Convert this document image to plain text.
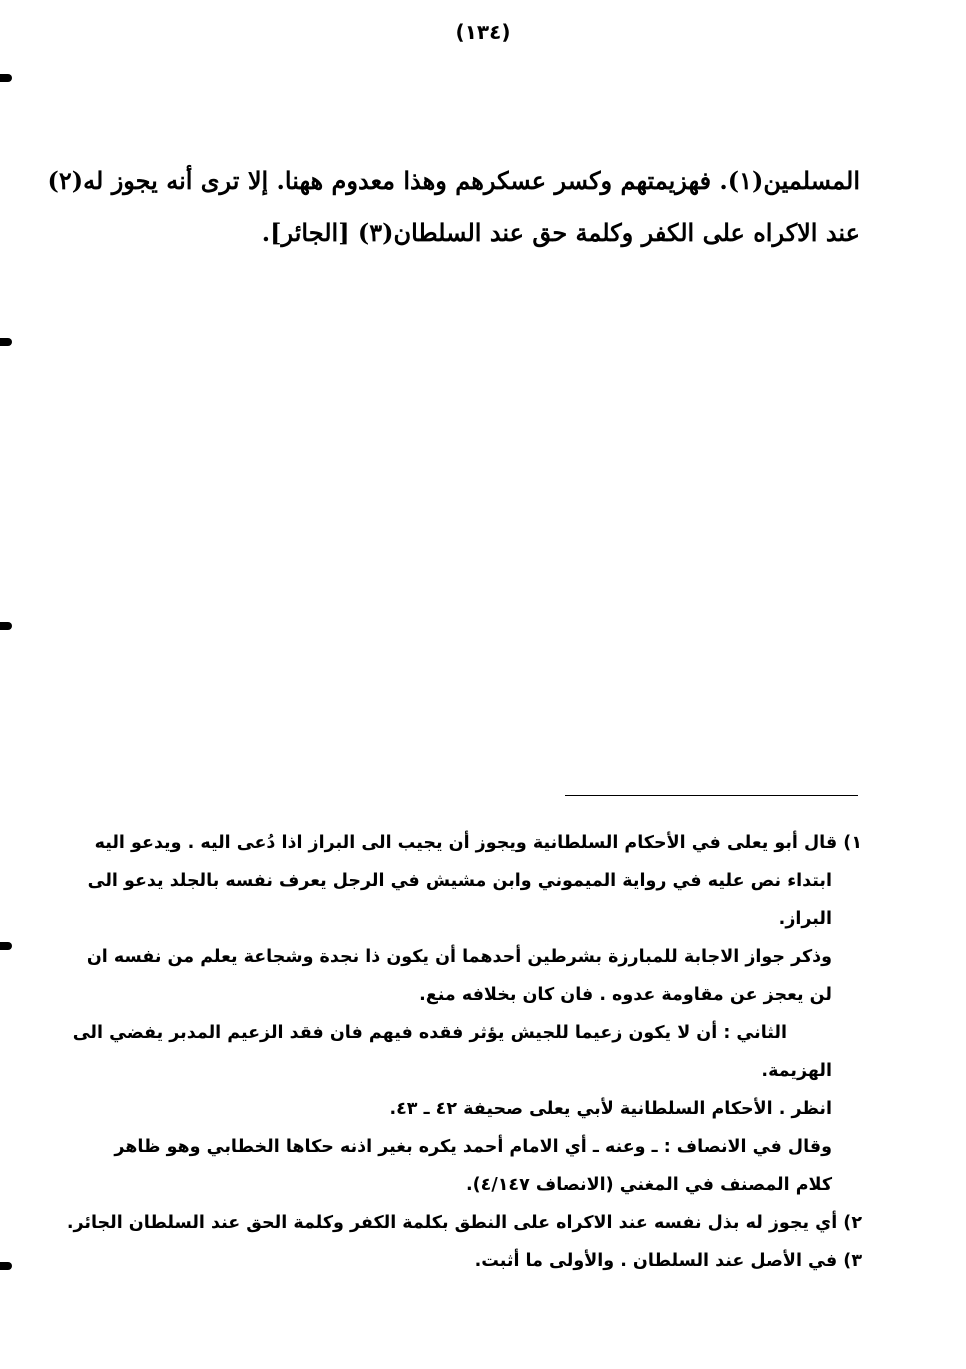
(١٣٤)
المسلمين(١). فهزيمتهم وكسر عسكرهم وهذا معدوم ههنا. إلا ترى أنه يجوز له(٢)
عند الاكراه على الكفر وكلمة حق عند السلطان(٣) [الجائر].
١) قال أبو يعلى في الأحكام السلطانية ويجوز أن يجيب الى البراز اذا دُعى اليه . ويدعو اليه
ابتداء نص عليه في رواية الميموني وابن مشيش في الرجل يعرف نفسه بالجلد يدعو الى
البراز.
وذكر جواز الاجابة للمبارزة بشرطين أحدهما أن يكون ذا نجدة وشجاعة يعلم من نفسه ان
لن يعجز عن مقاومة عدوه . فان كان بخلافه منع.
الثاني : أن لا يكون زعيما للجيش يؤثر فقده فيهم فان فقد الزعيم المدبر يفضي الى
الهزيمة.
انظر . الأحكام السلطانية لأبي يعلى صحيفة ٤٢ ـ ٤٣.
وقال في الانصاف : ـ وعنه ـ أي الامام أحمد يكره بغير اذنه حكاها الخطابي وهو ظاهر
كلام المصنف في المغني (الانصاف ٤/١٤٧).
٢) أي يجوز له بذل نفسه عند الاكراه على النطق بكلمة الكفر وكلمة الحق عند السلطان الجائر.
٣) في الأصل عند السلطان . والأولى ما أثبت.
